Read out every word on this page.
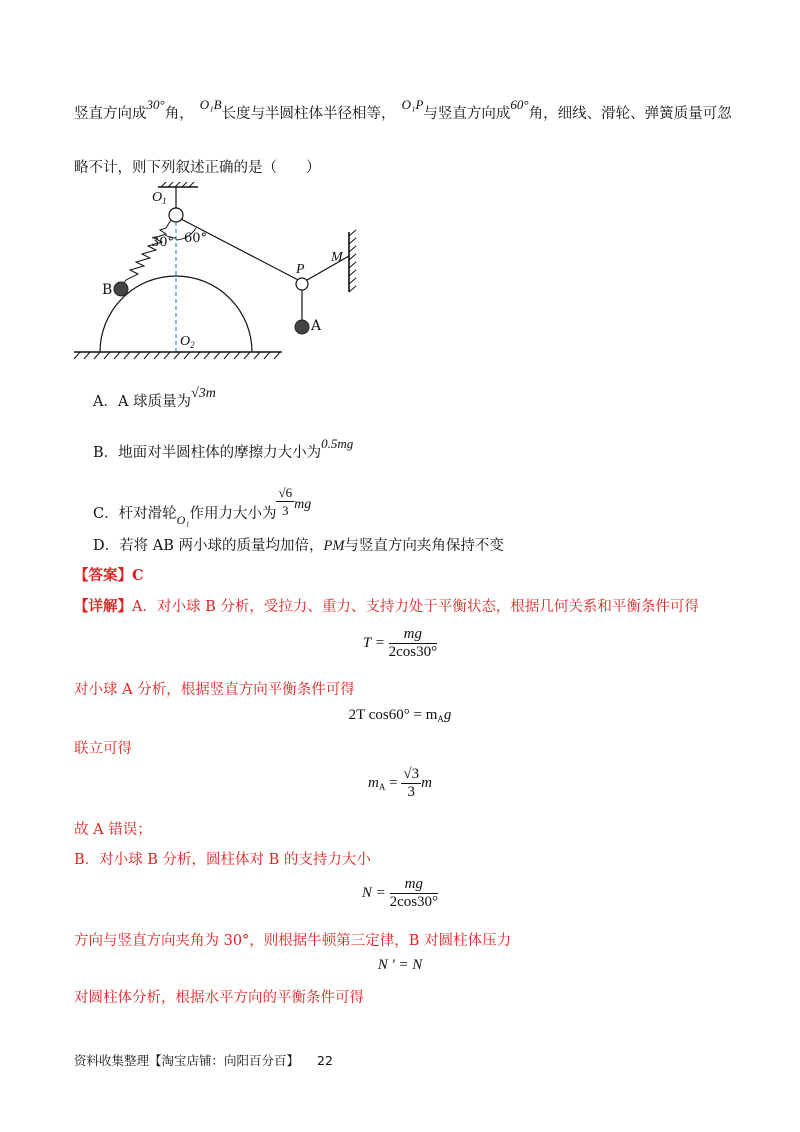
竖直方向成30°角，O₁B长度与半圆柱体半径相等，O₁P与竖直方向成60°角，细线、滑轮、弹簧质量可忽
略不计，则下列叙述正确的是（　　）
$O_1$
60°
30°
B
P
M
A
$O_2$
A．A 球质量为√3m
B．地面对半圆柱体的摩擦力大小为0.5mg
C．杆对滑轮$_{O_1}$作用力大小为 $\frac{√6}{3}$ mg
D．若将 AB 两小球的质量均加倍，PM与竖直方向夹角保持不变
【答案】C
【详解】A．对小球 B 分析，受拉力、重力、支持力处于平衡状态，根据几何关系和平衡条件可得
$T = \frac{mg}{2\cos 30^\circ}$
对小球 A 分析，根据竖直方向平衡条件可得
2T $\cos 60^\circ = m_Ag$
联立可得
$m_A = \frac{√3}{3}$ m
故 A 错误；
B．对小球 B 分析，圆柱体对 B 的支持力大小
$N = \frac{mg}{2\cos 30^\circ}$
方向与竖直方向夹角为 30°，则根据牛顿第三定律，B 对圆柱体压力
N ' = N
对圆柱体分析，根据水平方向的平衡条件可得
资料收集整理【淘宝店铺：向阳百分百】 22
